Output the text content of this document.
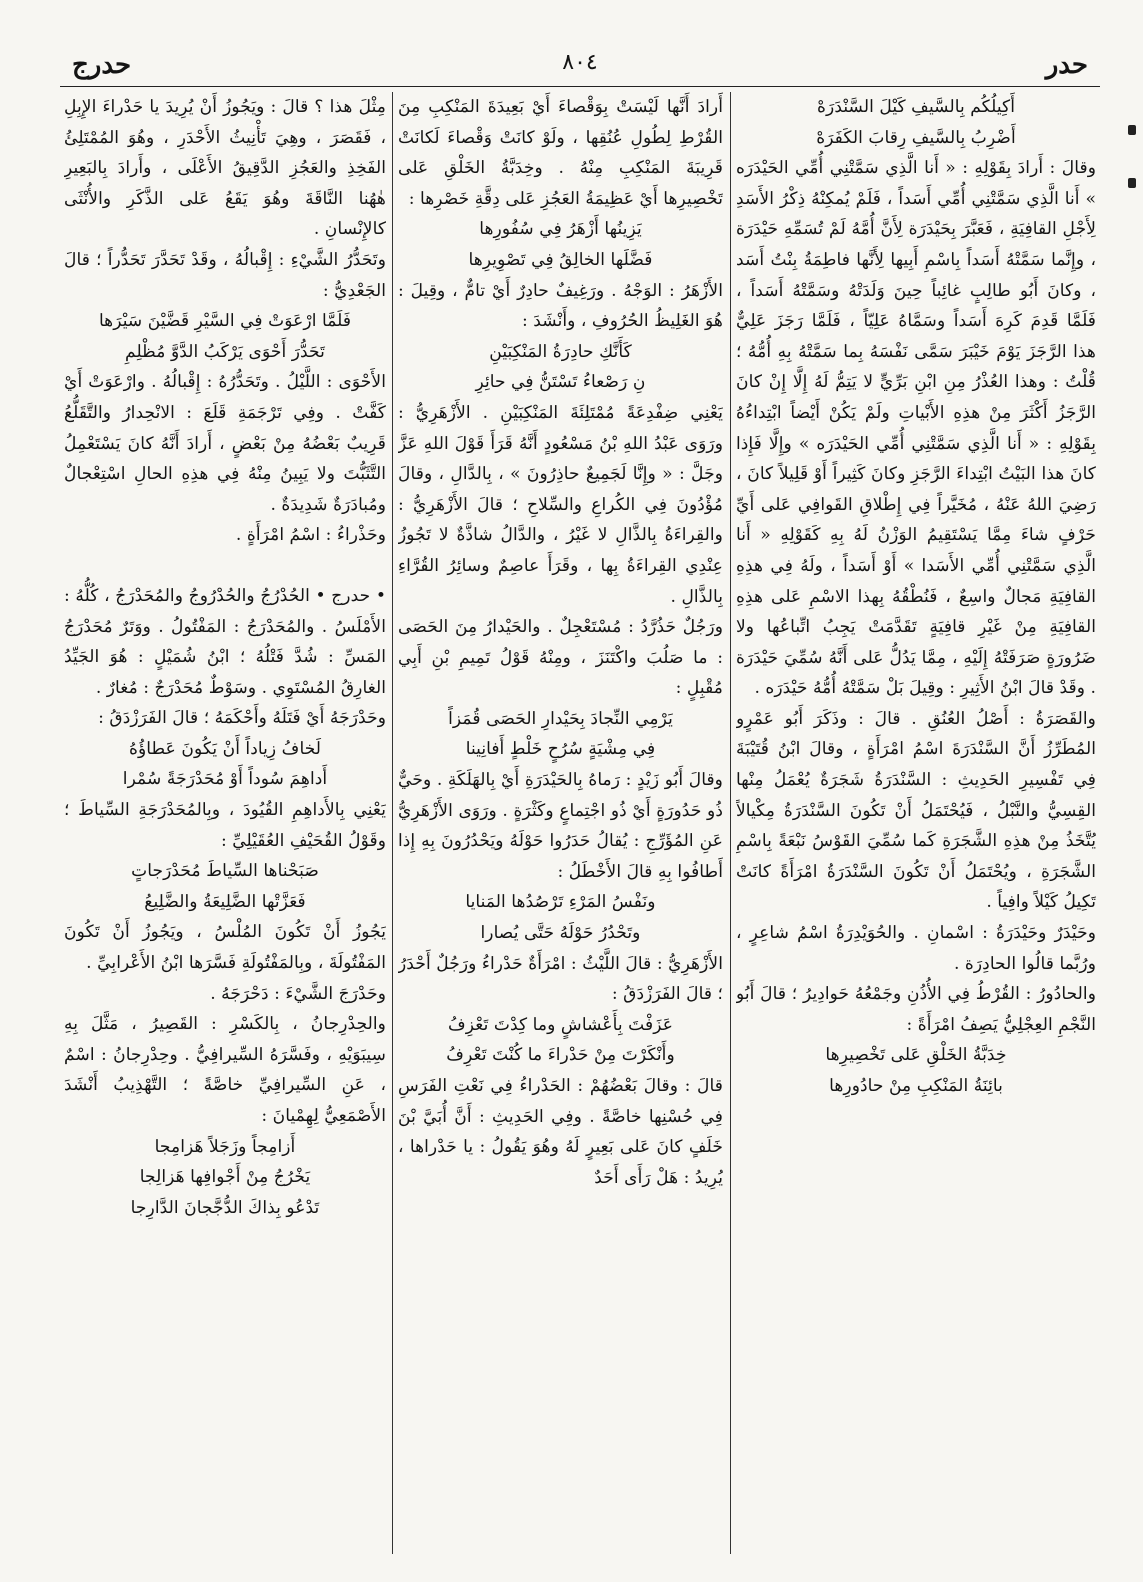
حدر
٨٠٤
حدرج

أَكِيلُكُم بِالسَّيفِ كَيْلَ السَّنْدَرَهْ

أَضْرِبُ بِالسَّيفِ رِقابَ الكَفَرَهْ

وقالَ : أَرادَ بِقَوْلِهِ : « أَنا الَّذِي سَمَّتْنِي أُمِّي الحَيْدَرَه » أَنا الَّذِي سَمَّتْنِي أُمِّي أَسَداً ، فَلَمْ يُمكِنْهُ ذِكْرُ الأَسَدِ لِأَجْلِ القافِيَةِ ، فَعَبَّرَ بِحَيْدَرَة لِأَنَّ أُمَّهُ لَمْ تُسَمِّهِ حَيْدَرَة ، وإِنَّما سَمَّتْهُ أَسَداً بِاسْمِ أَبِيها لِأَنَّها فاطِمَةُ بِنْتُ أَسَد ، وكانَ أَبُو طالِبٍ غائِباً حِينَ وَلَدَتْهُ وسَمَّتْهُ أَسَداً ، فَلَمَّا قَدِمَ كَرِهَ أَسَداً وسَمَّاهُ عَلِيّاً ، فَلَمَّا رَجَزَ عَلِيٌّ هذا الرَّجَزَ يَوْمَ خَيْبَرَ سَمَّى نَفْسَهُ بِما سَمَّتْهُ بِهِ أُمُّهُ ؛ قُلْتُ : وهذا العُذْرُ مِنِ ابْنِ بَرِّيٍّ لا يَتِمُّ لَهُ إِلَّا إِنْ كانَ الرَّجَزُ أَكْثَرَ مِنْ هذِهِ الأَبْياتِ ولَمْ يَكُنْ أَيْضاً ابْتِداءُهُ بِقَوْلِهِ : « أَنا الَّذِي سَمَّتْنِي أُمِّي الحَيْدَرَه » وإِلَّا فَإِذا كانَ هذا البَيْتُ ابْتِداءَ الرَّجَزِ وكانَ كَثِيراً أَوْ قَلِيلاً كانَ ، رَضِيَ اللهُ عَنْهُ ، مُخَيَّراً فِي إِطْلاقِ القَوافِي عَلى أَيِّ حَرْفٍ شاءَ مِمَّا يَسْتَقِيمُ الوَزْنُ لَهُ بِهِ كَقَوْلِهِ « أَنا الَّذِي سَمَّتْنِي أُمِّي الأَسَدا » أَوْ أَسَداً ، ولَهُ فِي هذِهِ القافِيَةِ مَجالٌ واسِعٌ ، فَنُطْقُهُ بِهذا الاسْمِ عَلى هذِهِ القافِيَةِ مِنْ غَيْرِ قافِيَةٍ تَقَدَّمَتْ يَجِبُ اتِّباعُها ولا ضَرُورَةٍ صَرَفَتْهُ إِلَيْهِ ، مِمَّا يَدُلُّ عَلى أَنَّهُ سُمِّيَ حَيْدَرَة . وقَدْ قالَ ابْنُ الأَثِيرِ : وقِيلَ بَلْ سَمَّتْهُ أُمُّهُ حَيْدَرَه .

والقَصَرَةُ : أَصْلُ العُنُقِ . قالَ : وذَكَرَ أَبُو عَمْرٍو المُطَرِّزُ أَنَّ السَّنْدَرَةَ اسْمُ امْرَأَةٍ ، وقالَ ابْنُ قُتَيْبَةَ فِي تَفْسِيرِ الحَدِيثِ : السَّنْدَرَةُ شَجَرَةٌ يُعْمَلُ مِنْها القِسِيُّ والنَّبْلُ ، فَيُحْتَمَلُ أَنْ تَكُونَ السَّنْدَرَةُ مِكْيالاً يُتَّخَذُ مِنْ هذِهِ الشَّجَرَةِ كَما سُمِّيَ القَوْسُ نَبْعَةً بِاسْمِ الشَّجَرَةِ ، ويُحْتَمَلُ أَنْ تَكُونَ السَّنْدَرَةُ امْرَأَةً كانَتْ تَكِيلُ كَيْلاً وافِياً .

وحَيْدَرٌ وحَيْدَرَةُ : اسْمانِ . والحُوَيْدِرَةُ اسْمُ شاعِرٍ ، ورُبَّما قالُوا الحادِرَة .

والحادُورُ : القُرْطُ فِي الأُذُنِ وجَمْعُهُ حَوادِيرُ ؛ قالَ أَبُو النَّجْمِ العِجْلِيُّ يَصِفُ امْرَأَةً :

خِدَبَّةُ الخَلْقِ عَلى تَخْصِيرِها

بائِنَةُ المَنْكِبِ مِنْ حادُورِها

أَرادَ أَنَّها لَيْسَتْ بِوَقْصاءَ أَيْ بَعِيدَةَ المَنْكِبِ مِنَ القُرْطِ لِطُولِ عُنُقِها ، ولَوْ كانَتْ وَقْصاءَ لَكانَتْ قَرِيبَةَ المَنْكِبِ مِنْهُ . وخِدَبَّةُ الخَلْقِ عَلى تَخْصِيرِها أَيْ عَظِيمَةُ العَجُزِ عَلى دِقَّةِ خَصْرِها :

يَزِينُها أَزْهَرُ فِي سُفُورِها

فَضَّلَها الخالِقُ فِي تَصْوِيرِها

الأَزْهَرُ : الوَجْهُ . ورَغِيفٌ حادِرٌ أَيْ تامٌّ ، وقِيلَ : هُوَ الغَلِيظُ الحُرُوفِ ، وأَنْشَدَ :

كَأَنَّكِ حادِرَةُ المَنْكِبَيْنِ

نِ رَصْعاءُ تَسْتَنُّ فِي حائِرِ

يَعْنِي ضِفْدِعَةً مُمْتَلِئَةَ المَنْكِبَيْنِ . الأَزْهَرِيُّ : ورَوَى عَبْدُ اللهِ بْنُ مَسْعُودٍ أَنَّهُ قَرَأَ قَوْلَ اللهِ عَزَّ وجَلَّ : « وإِنَّا لَجَمِيعٌ حاذِرُونَ » ، بِالدَّالِ ، وقالَ مُؤْدُونَ فِي الكُراعِ والسِّلاحِ ؛ قالَ الأَزْهَرِيُّ : والقِراءَةُ بِالذَّالِ لا غَيْرُ ، والدَّالُ شاذَّةٌ لا تَجُوزُ عِنْدِي القِراءَةُ بِها ، وقَرَأَ عاصِمٌ وسائِرُ القُرَّاءِ بِالذَّالِ .

ورَجُلٌ حَذُرَّدُ : مُسْتَعْجِلٌ . والحَيْدارُ مِنَ الحَصَى : ما صَلُبَ واكْتَنَزَ ، ومِنْهُ قَوْلُ تَمِيمِ بْنِ أَبِي مُقْبِلٍ :

يَرْمِي النِّجادَ بِحَيْدارِ الحَصَى قُمَزاً

فِي مِشْيَةٍ سُرُحٍ خَلْطٍ أَفانِينا

وقالَ أَبُو زَيْدٍ : رَماهُ بِالحَيْدَرَةِ أَيْ بِالهَلَكَةِ . وحَيٌّ ذُو حَدُورَةٍ أَيْ ذُو اجْتِماعٍ وكَثْرَةٍ . ورَوَى الأَزْهَرِيُّ عَنِ المُؤَرِّجِ : يُقالُ حَدَرُوا حَوْلَهُ ويَحْدُرُونَ بِهِ إِذا أَطافُوا بِهِ قالَ الأَخْطَلُ :

ونَفْسُ المَرْءِ تَرْصُدُها المَنايا

وتَحْدُرُ حَوْلَهُ حَتَّى يُصارا

الأَزْهَرِيُّ : قالَ اللَّيْثُ : امْرَأَةٌ حَدْراءُ ورَجُلٌ أَحْدَرُ ؛ قالَ الفَرَزْدَقُ :

عَزَفْتَ بِأَعْشاشٍ وما كِدْتَ تَعْزِفُ

وأَنْكَرْتَ مِنْ حَدْراءَ ما كُنْتَ تَعْرِفُ

قالَ : وقالَ بَعْضُهُمْ : الحَدْراءُ فِي نَعْتِ الفَرَسِ فِي حُسْنِها خاصَّةً . وفِي الحَدِيثِ : أَنَّ أُبَيَّ بْنَ خَلَفٍ كانَ عَلى بَعِيرٍ لَهُ وهُوَ يَقُولُ : يا حَدْراها ، يُرِيدُ : هَلْ رَأَى أَحَدٌ

مِثْلَ هذا ؟ قالَ : ويَجُوزُ أَنْ يُرِيدَ يا حَدْراءَ الإِبِلِ ، فَقَصَرَ ، وهِيَ تَأْنِيثُ الأَحْدَرِ ، وهُوَ المُمْتَلِئُ الفَخِذِ والعَجُزِ الدَّقِيقُ الأَعْلَى ، وأَرادَ بِالبَعِيرِ هٰهُنا النَّاقَةَ وهُوَ يَقَعُ عَلى الذَّكَرِ والأُنْثَى كالإِنْسانِ .

وتَحَدُّرُ الشَّيْءِ : إِقْبالُهُ ، وقَدْ تَحَدَّرَ تَحَدُّراً ؛ قالَ الجَعْدِيُّ :

فَلَمَّا ارْعَوَتْ فِي السَّيْرِ قَضَّيْنَ سَيْرَها

تَحَدُّرَ أَحْوَى يَرْكَبُ الدَّوَّ مُظْلِمِ

الأَحْوَى : اللَّيْلُ . وتَحَدُّرُهُ : إِقْبالُهُ . وارْعَوَتْ أَيْ كَفَّتْ . وفِي تَرْجَمَةِ قَلَعَ : الانْحِدارُ والتَّقَلُّعُ قَرِيبٌ بَعْضُهُ مِنْ بَعْضٍ ، أَرادَ أَنَّهُ كانَ يَسْتَعْمِلُ التَّثَبُّتَ ولا يَبِينُ مِنْهُ فِي هذِهِ الحالِ اسْتِعْجالٌ ومُبادَرَةٌ شَدِيدَةٌ .

وحَذْراءُ : اسْمُ امْرَأَةٍ .

• حدرج • الحُدْرُجُ والحُدْرُوجُ والمُحَدْرَجُ ، كُلُّهُ : الأَمْلَسُ . والمُحَدْرَجُ : المَفْتُولُ . ووَتَرٌ مُحَدْرَجُ المَسِّ : شُدَّ فَتْلُهُ ؛ ابْنُ شُمَيْلٍ : هُوَ الجَيِّدُ الغارِقُ المُسْتَوِي . وسَوْطٌ مُحَدْرَجٌ : مُغارٌ .

وحَدْرَجَهُ أَيْ فَتَلَهُ وأَحْكَمَهُ ؛ قالَ الفَرَزْدَقُ :

لَخافُ زِياداً أَنْ يَكُونَ عَطاؤُهُ

أَداهِمَ سُوداً أَوْ مُحَدْرَجَةً سُمْرا

يَعْنِي بِالأَداهِمِ القُيُودَ ، وبِالمُحَدْرَجَةِ السِّياطَ ؛ وقَوْلُ القُحَيْفِ العُقَيْلِيِّ :

صَبَحْناها السِّياطَ مُحَدْرَجاتٍ

فَعَزَّتْها الضَّلِيعَةُ والضَّلِيعُ

يَجُوزُ أَنْ تَكُونَ المُلْسُ ، ويَجُوزُ أَنْ تَكُونَ المَفْتُولَةَ ، وبِالمَفْتُولَةِ فَسَّرَها ابْنُ الأَعْرابِيِّ .

وحَدْرَجَ الشَّيْءَ : دَحْرَجَهُ .

والحِدْرِجانُ ، بِالكَسْرِ : القَصِيرُ ، مَثَّلَ بِهِ سِيبَوَيْهِ ، وفَسَّرَهُ السِّيرافِيُّ . وحِدْرِجانُ : اسْمٌ ، عَنِ السِّيرافِيِّ خاصَّةً ؛ التَّهْذِيبُ أَنْشَدَ الأَصْمَعِيُّ لِهِمْيانَ :

أَزامِجاً وزَجَلاً هَزامِجا

يَخْرُجُ مِنْ أَجْوافِها هَزالِجا

تَدْعُو بِذاكَ الدُّجَّجانَ الدَّارِجا
